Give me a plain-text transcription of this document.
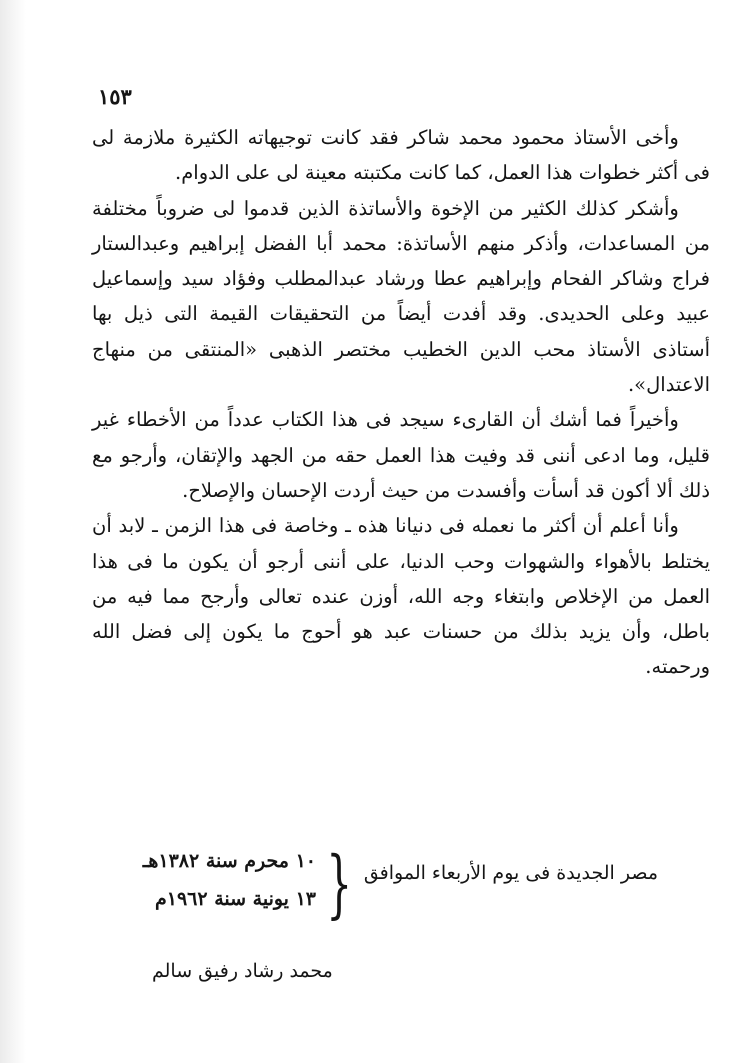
١٥٣

وأخى الأستاذ محمود محمد شاكر فقد كانت توجيهاته الكثيرة ملازمة لى فى أكثر خطوات هذا العمل، كما كانت مكتبته معينة لى على الدوام.

وأشكر كذلك الكثير من الإخوة والأساتذة الذين قدموا لى ضروباً مختلفة من المساعدات، وأذكر منهم الأساتذة: محمد أبا الفضل إبراهيم وعبدالستار فراج وشاكر الفحام وإبراهيم عطا ورشاد عبدالمطلب وفؤاد سيد وإسماعيل عبيد وعلى الحديدى. وقد أفدت أيضاً من التحقيقات القيمة التى ذيل بها أستاذى الأستاذ محب الدين الخطيب مختصر الذهبى «المنتقى من منهاج الاعتدال».

وأخيراً فما أشك أن القارىء سيجد فى هذا الكتاب عدداً من الأخطاء غير قليل، وما ادعى أننى قد وفيت هذا العمل حقه من الجهد والإتقان، وأرجو مع ذلك ألا أكون قد أسأت وأفسدت من حيث أردت الإحسان والإصلاح.

وأنا أعلم أن أكثر ما نعمله فى دنيانا هذه ـ وخاصة فى هذا الزمن ـ لابد أن يختلط بالأهواء والشهوات وحب الدنيا، على أننى أرجو أن يكون ما فى هذا العمل من الإخلاص وابتغاء وجه الله، أوزن عنده تعالى وأرجح مما فيه من باطل، وأن يزيد بذلك من حسنات عبد هو أحوج ما يكون إلى فضل الله ورحمته.

مصر الجديدة فى يوم الأربعاء الموافق
{
١٠ محرم سنة ١٣٨٢هـ
١٣ يونية سنة ١٩٦٢م
محمد رشاد رفيق سالم
